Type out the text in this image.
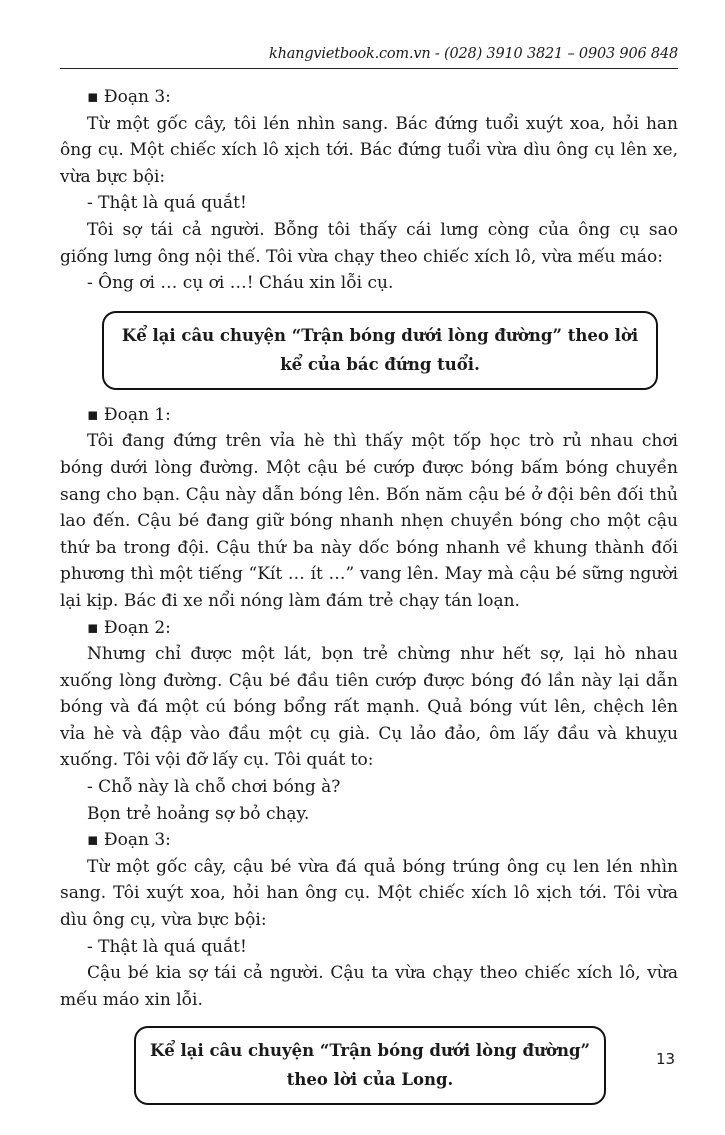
khangvietbook.com.vn - (028) 3910 3821 – 0903 906 848

▪ Đoạn 3:

Từ một gốc cây, tôi lén nhìn sang. Bác đứng tuổi xuýt xoa, hỏi han ông cụ. Một chiếc xích lô xịch tới. Bác đứng tuổi vừa dìu ông cụ lên xe, vừa bực bội:

- Thật là quá quắt!

Tôi sợ tái cả người. Bỗng tôi thấy cái lưng còng của ông cụ sao giống lưng ông nội thế. Tôi vừa chạy theo chiếc xích lô, vừa mếu máo:

- Ông ơi … cụ ơi …! Cháu xin lỗi cụ.

Kể lại câu chuyện “Trận bóng dưới lòng đường” theo lời kể của bác đứng tuổi.

▪ Đoạn 1:

Tôi đang đứng trên vỉa hè thì thấy một tốp học trò rủ nhau chơi bóng dưới lòng đường. Một cậu bé cướp được bóng bấm bóng chuyền sang cho bạn. Cậu này dẫn bóng lên. Bốn năm cậu bé ở đội bên đối thủ lao đến. Cậu bé đang giữ bóng nhanh nhẹn chuyền bóng cho một cậu thứ ba trong đội. Cậu thứ ba này dốc bóng nhanh về khung thành đối phương thì một tiếng “Kít … ít …” vang lên. May mà cậu bé sững người lại kịp. Bác đi xe nổi nóng làm đám trẻ chạy tán loạn.

▪ Đoạn 2:

Nhưng chỉ được một lát, bọn trẻ chừng như hết sợ, lại hò nhau xuống lòng đường. Cậu bé đầu tiên cướp được bóng đó lần này lại dẫn bóng và đá một cú bóng bổng rất mạnh. Quả bóng vút lên, chệch lên vỉa hè và đập vào đầu một cụ già. Cụ lảo đảo, ôm lấy đầu và khuỵu xuống. Tôi vội đỡ lấy cụ. Tôi quát to:

- Chỗ này là chỗ chơi bóng à?

Bọn trẻ hoảng sợ bỏ chạy.

▪ Đoạn 3:

Từ một gốc cây, cậu bé vừa đá quả bóng trúng ông cụ len lén nhìn sang. Tôi xuýt xoa, hỏi han ông cụ. Một chiếc xích lô xịch tới. Tôi vừa dìu ông cụ, vừa bực bội:

- Thật là quá quắt!

Cậu bé kia sợ tái cả người. Cậu ta vừa chạy theo chiếc xích lô, vừa mếu máo xin lỗi.

Kể lại câu chuyện “Trận bóng dưới lòng đường” theo lời của Long.

13
